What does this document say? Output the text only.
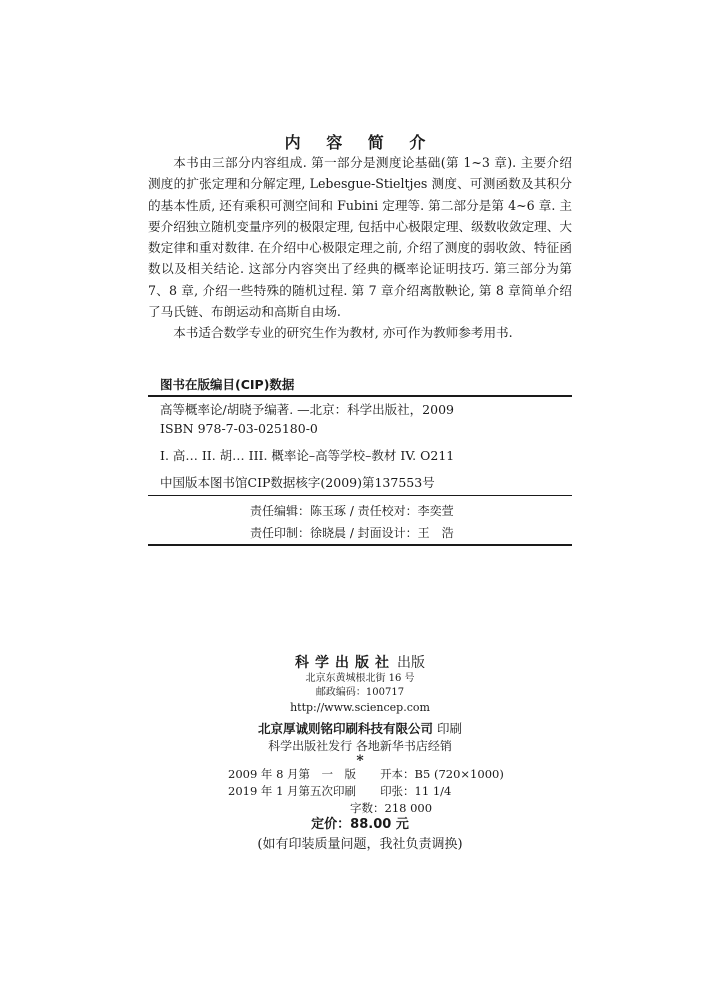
内 容 简 介

本书由三部分内容组成. 第一部分是测度论基础(第 1~3 章). 主要介绍测度的扩张定理和分解定理, Lebesgue-Stieltjes 测度、可测函数及其积分的基本性质, 还有乘积可测空间和 Fubini 定理等. 第二部分是第 4~6 章. 主要介绍独立随机变量序列的极限定理, 包括中心极限定理、级数收敛定理、大数定律和重对数律. 在介绍中心极限定理之前, 介绍了测度的弱收敛、特征函数以及相关结论. 这部分内容突出了经典的概率论证明技巧. 第三部分为第 7、8 章, 介绍一些特殊的随机过程. 第 7 章介绍离散鞅论, 第 8 章简单介绍了马氏链、布朗运动和高斯自由场.

本书适合数学专业的研究生作为教材, 亦可作为教师参考用书.

图书在版编目(CIP)数据
高等概率论/胡晓予编著. —北京：科学出版社，2009
ISBN 978-7-03-025180-0
I. 高… II. 胡… III. 概率论–高等学校–教材 IV. O211
中国版本图书馆CIP数据核字(2009)第137553号
责任编辑：陈玉琢 / 责任校对：李奕萱
责任印制：徐晓晨 / 封面设计：王　浩
科学出版社 出版
北京东黄城根北街 16 号
邮政编码：100717
http://www.sciencep.com
北京厚诚则铭印刷科技有限公司 印刷
科学出版社发行 各地新华书店经销
*
2009 年 8 月第　一　版 开本：B5 (720×1000)
2019 年 1 月第五次印刷 印张：11 1/4
字数：218 000
定价：88.00 元
(如有印装质量问题，我社负责调换)
